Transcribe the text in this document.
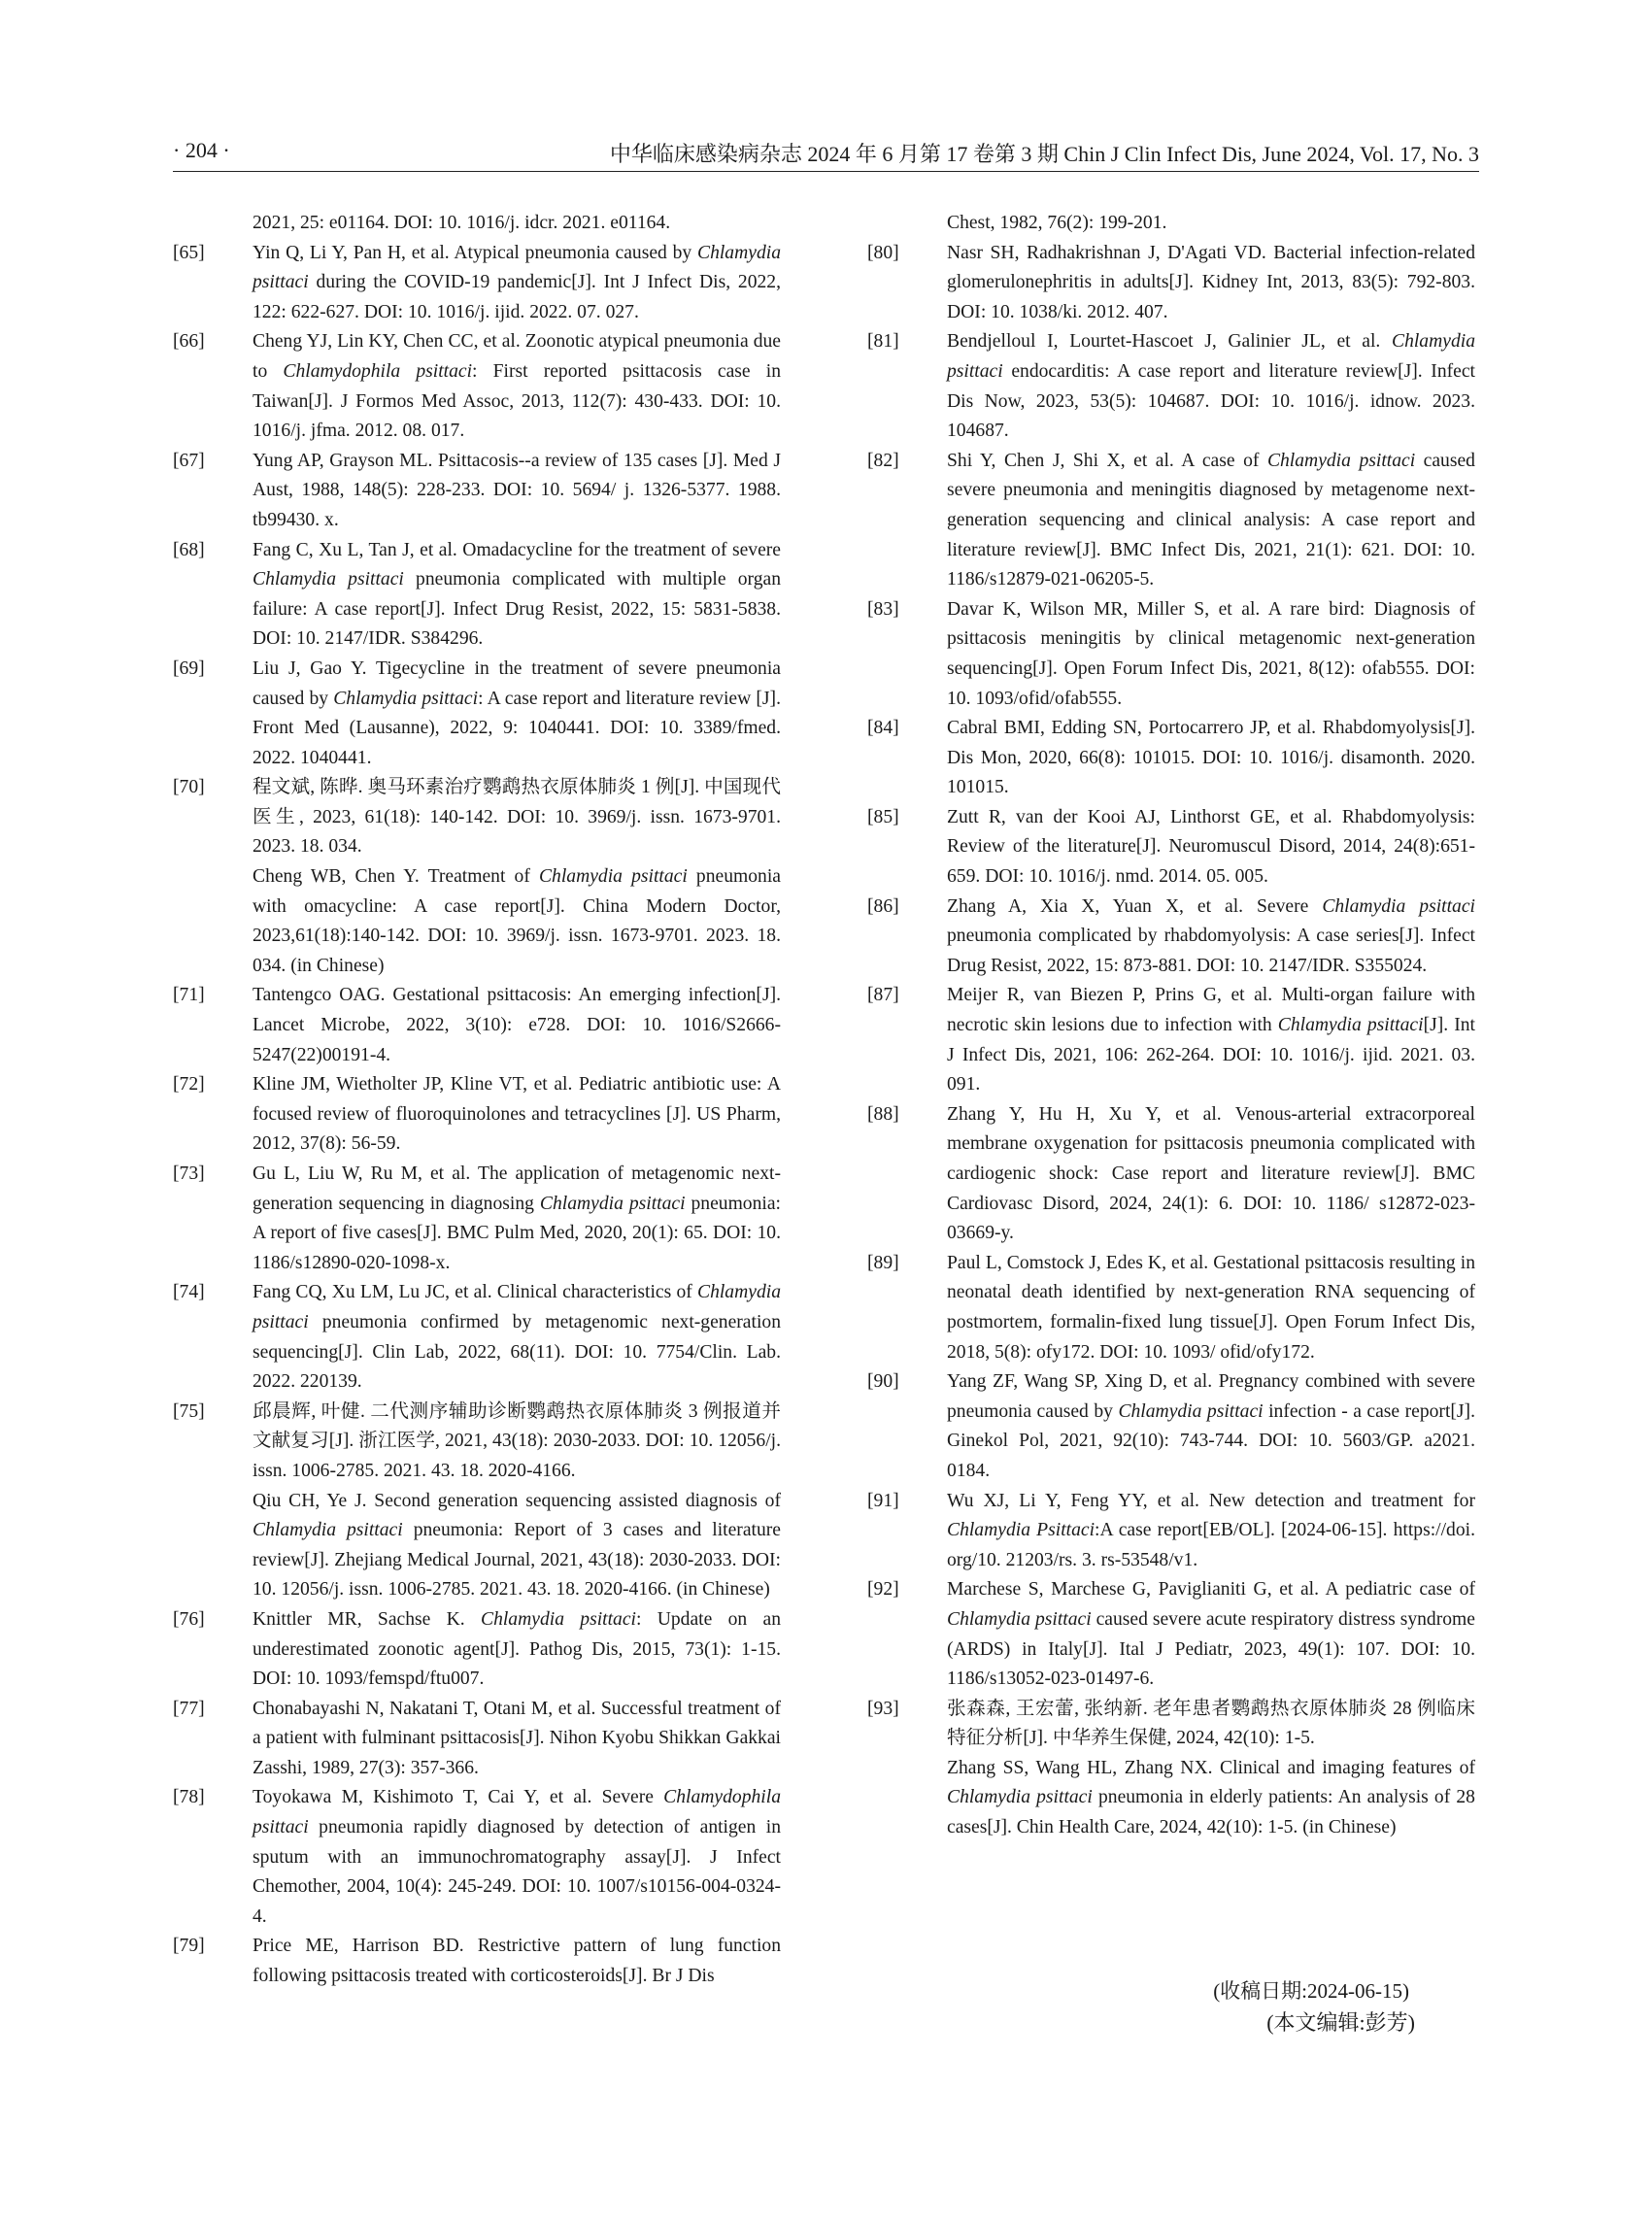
· 204 ·	中华临床感染病杂志 2024 年 6 月第 17 卷第 3 期 Chin J Clin Infect Dis, June 2024, Vol. 17, No. 3
2021, 25: e01164. DOI: 10. 1016/j. idcr. 2021. e01164.
[65]	Yin Q, Li Y, Pan H, et al. Atypical pneumonia caused by Chlamydia psittaci during the COVID-19 pandemic[J]. Int J Infect Dis, 2022, 122: 622-627. DOI: 10. 1016/j. ijid. 2022. 07. 027.
[66]	Cheng YJ, Lin KY, Chen CC, et al. Zoonotic atypical pneumonia due to Chlamydophila psittaci: First reported psittacosis case in Taiwan[J]. J Formos Med Assoc, 2013, 112(7): 430-433. DOI: 10. 1016/j. jfma. 2012. 08. 017.
[67]	Yung AP, Grayson ML. Psittacosis--a review of 135 cases [J]. Med J Aust, 1988, 148(5): 228-233. DOI: 10. 5694/ j. 1326-5377. 1988. tb99430. x.
[68]	Fang C, Xu L, Tan J, et al. Omadacycline for the treatment of severe Chlamydia psittaci pneumonia complicated with multiple organ failure: A case report[J]. Infect Drug Resist, 2022, 15: 5831-5838. DOI: 10. 2147/IDR. S384296.
[69]	Liu J, Gao Y. Tigecycline in the treatment of severe pneumonia caused by Chlamydia psittaci: A case report and literature review [J]. Front Med (Lausanne), 2022, 9: 1040441. DOI: 10. 3389/fmed. 2022. 1040441.
[70]	程文斌, 陈晔. 奥马环素治疗鹦鹉热衣原体肺炎 1 例[J]. 中国现代医生, 2023, 61(18): 140-142. DOI: 10. 3969/j. issn. 1673-9701. 2023. 18. 034.
Cheng WB, Chen Y. Treatment of Chlamydia psittaci pneumonia with omacycline: A case report[J]. China Modern Doctor, 2023,61(18):140-142. DOI: 10. 3969/j. issn. 1673-9701. 2023. 18. 034. (in Chinese)
[71]	Tantengco OAG. Gestational psittacosis: An emerging infection[J]. Lancet Microbe, 2022, 3(10): e728. DOI: 10. 1016/S2666-5247(22)00191-4.
[72]	Kline JM, Wietholter JP, Kline VT, et al. Pediatric antibiotic use: A focused review of fluoroquinolones and tetracyclines [J]. US Pharm, 2012, 37(8): 56-59.
[73]	Gu L, Liu W, Ru M, et al. The application of metagenomic next-generation sequencing in diagnosing Chlamydia psittaci pneumonia: A report of five cases[J]. BMC Pulm Med, 2020, 20(1): 65. DOI: 10. 1186/s12890-020-1098-x.
[74]	Fang CQ, Xu LM, Lu JC, et al. Clinical characteristics of Chlamydia psittaci pneumonia confirmed by metagenomic next-generation sequencing[J]. Clin Lab, 2022, 68(11). DOI: 10. 7754/Clin. Lab. 2022. 220139.
[75]	邱晨辉, 叶健. 二代测序辅助诊断鹦鹉热衣原体肺炎 3 例报道并文献复习[J]. 浙江医学, 2021, 43(18): 2030-2033. DOI: 10. 12056/j. issn. 1006-2785. 2021. 43. 18. 2020-4166.
Qiu CH, Ye J. Second generation sequencing assisted diagnosis of Chlamydia psittaci pneumonia: Report of 3 cases and literature review[J]. Zhejiang Medical Journal, 2021, 43(18): 2030-2033. DOI: 10. 12056/j. issn. 1006-2785. 2021. 43. 18. 2020-4166. (in Chinese)
[76]	Knittler MR, Sachse K. Chlamydia psittaci: Update on an underestimated zoonotic agent[J]. Pathog Dis, 2015, 73(1): 1-15. DOI: 10. 1093/femspd/ftu007.
[77]	Chonabayashi N, Nakatani T, Otani M, et al. Successful treatment of a patient with fulminant psittacosis[J]. Nihon Kyobu Shikkan Gakkai Zasshi, 1989, 27(3): 357-366.
[78]	Toyokawa M, Kishimoto T, Cai Y, et al. Severe Chlamydophila psittaci pneumonia rapidly diagnosed by detection of antigen in sputum with an immunochromatography assay[J]. J Infect Chemother, 2004, 10(4): 245-249. DOI: 10. 1007/s10156-004-0324-4.
[79]	Price ME, Harrison BD. Restrictive pattern of lung function following psittacosis treated with corticosteroids[J]. Br J Dis
Chest, 1982, 76(2): 199-201.
[80]	Nasr SH, Radhakrishnan J, D'Agati VD. Bacterial infection-related glomerulonephritis in adults[J]. Kidney Int, 2013, 83(5): 792-803. DOI: 10. 1038/ki. 2012. 407.
[81]	Bendjelloul I, Lourtet-Hascoet J, Galinier JL, et al. Chlamydia psittaci endocarditis: A case report and literature review[J]. Infect Dis Now, 2023, 53(5): 104687. DOI: 10. 1016/j. idnow. 2023. 104687.
[82]	Shi Y, Chen J, Shi X, et al. A case of Chlamydia psittaci caused severe pneumonia and meningitis diagnosed by metagenome next-generation sequencing and clinical analysis: A case report and literature review[J]. BMC Infect Dis, 2021, 21(1): 621. DOI: 10. 1186/s12879-021-06205-5.
[83]	Davar K, Wilson MR, Miller S, et al. A rare bird: Diagnosis of psittacosis meningitis by clinical metagenomic next-generation sequencing[J]. Open Forum Infect Dis, 2021, 8(12): ofab555. DOI: 10. 1093/ofid/ofab555.
[84]	Cabral BMI, Edding SN, Portocarrero JP, et al. Rhabdomyolysis[J]. Dis Mon, 2020, 66(8): 101015. DOI: 10. 1016/j. disamonth. 2020. 101015.
[85]	Zutt R, van der Kooi AJ, Linthorst GE, et al. Rhabdomyolysis: Review of the literature[J]. Neuromuscul Disord, 2014, 24(8):651-659. DOI: 10. 1016/j. nmd. 2014. 05. 005.
[86]	Zhang A, Xia X, Yuan X, et al. Severe Chlamydia psittaci pneumonia complicated by rhabdomyolysis: A case series[J]. Infect Drug Resist, 2022, 15: 873-881. DOI: 10. 2147/IDR. S355024.
[87]	Meijer R, van Biezen P, Prins G, et al. Multi-organ failure with necrotic skin lesions due to infection with Chlamydia psittaci[J]. Int J Infect Dis, 2021, 106: 262-264. DOI: 10. 1016/j. ijid. 2021. 03. 091.
[88]	Zhang Y, Hu H, Xu Y, et al. Venous-arterial extracorporeal membrane oxygenation for psittacosis pneumonia complicated with cardiogenic shock: Case report and literature review[J]. BMC Cardiovasc Disord, 2024, 24(1): 6. DOI: 10. 1186/ s12872-023-03669-y.
[89]	Paul L, Comstock J, Edes K, et al. Gestational psittacosis resulting in neonatal death identified by next-generation RNA sequencing of postmortem, formalin-fixed lung tissue[J]. Open Forum Infect Dis, 2018, 5(8): ofy172. DOI: 10. 1093/ ofid/ofy172.
[90]	Yang ZF, Wang SP, Xing D, et al. Pregnancy combined with severe pneumonia caused by Chlamydia psittaci infection - a case report[J]. Ginekol Pol, 2021, 92(10): 743-744. DOI: 10. 5603/GP. a2021. 0184.
[91]	Wu XJ, Li Y, Feng YY, et al. New detection and treatment for Chlamydia Psittaci:A case report[EB/OL]. [2024-06-15]. https://doi. org/10. 21203/rs. 3. rs-53548/v1.
[92]	Marchese S, Marchese G, Paviglianiti G, et al. A pediatric case of Chlamydia psittaci caused severe acute respiratory distress syndrome (ARDS) in Italy[J]. Ital J Pediatr, 2023, 49(1): 107. DOI: 10. 1186/s13052-023-01497-6.
[93]	张森森, 王宏蕾, 张纳新. 老年患者鹦鹉热衣原体肺炎 28 例临床特征分析[J]. 中华养生保健, 2024, 42(10): 1-5.
Zhang SS, Wang HL, Zhang NX. Clinical and imaging features of Chlamydia psittaci pneumonia in elderly patients: An analysis of 28 cases[J]. Chin Health Care, 2024, 42(10): 1-5. (in Chinese)
(收稿日期:2024-06-15)
(本文编辑:彭芳)
